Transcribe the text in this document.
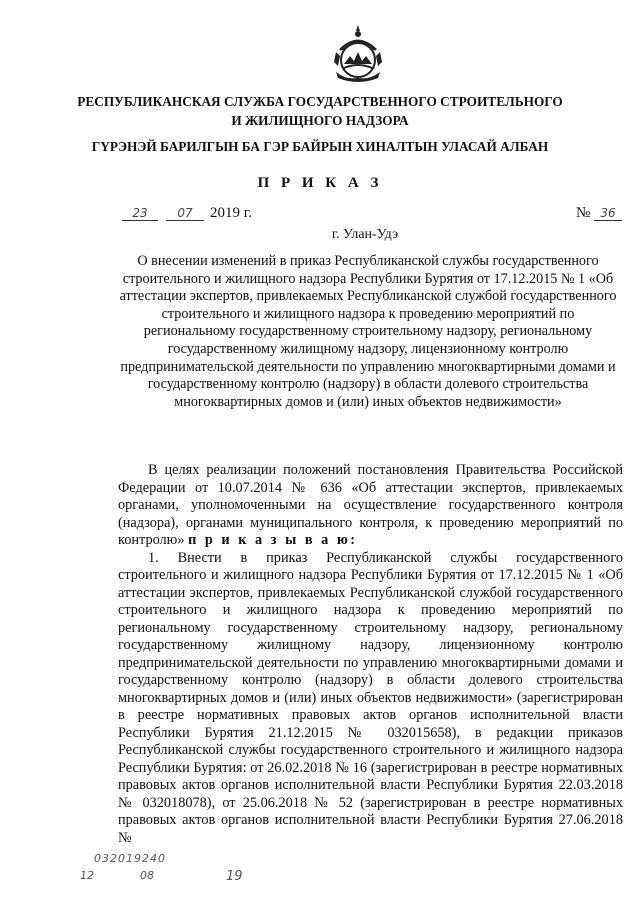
РЕСПУБЛИКАНСКАЯ СЛУЖБА ГОСУДАРСТВЕННОГО СТРОИТЕЛЬНОГО
И ЖИЛИЩНОГО НАДЗОРА
ГҮРЭНЭЙ БАРИЛГЫН БА ГЭР БАЙРЫН ХИНАЛТЫН УЛАСАЙ АЛБАН
П Р И К А З
23 07 2019 г.	№ 36
г. Улан-Удэ
О внесении изменений в приказ Республиканской службы государственного строительного и жилищного надзора Республики Бурятия от 17.12.2015 № 1 «Об аттестации экспертов, привлекаемых Республиканской службой государственного строительного и жилищного надзора к проведению мероприятий по региональному государственному строительному надзору, региональному государственному жилищному надзору, лицензионному контролю предпринимательской деятельности по управлению многоквартирными домами и государственному контролю (надзору) в области долевого строительства многоквартирных домов и (или) иных объектов недвижимости»

В целях реализации положений постановления Правительства Российской Федерации от 10.07.2014 № 636 «Об аттестации экспертов, привлекаемых органами, уполномоченными на осуществление государственного контроля (надзора), органами муниципального контроля, к проведению мероприятий по контролю» п р и к а з ы в а ю:

1. Внести в приказ Республиканской службы государственного строительного и жилищного надзора Республики Бурятия от 17.12.2015 № 1 «Об аттестации экспертов, привлекаемых Республиканской службой государственного строительного и жилищного надзора к проведению мероприятий по региональному государственному строительному надзору, региональному государственному жилищному надзору, лицензионному контролю предпринимательской деятельности по управлению многоквартирными домами и государственному контролю (надзору) в области долевого строительства многоквартирных домов и (или) иных объектов недвижимости» (зарегистрирован в реестре нормативных правовых актов органов исполнительной власти Республики Бурятия 21.12.2015 № 032015658), в редакции приказов Республиканской службы государственного строительного и жилищного надзора Республики Бурятия: от 26.02.2018 № 16 (зарегистрирован в реестре нормативных правовых актов органов исполнительной власти Республики Бурятия 22.03.2018 № 032018078), от 25.06.2018 № 52 (зарегистрирован в реестре нормативных правовых актов органов исполнительной власти Республики Бурятия 27.06.2018 №

032019240
12	08	19
